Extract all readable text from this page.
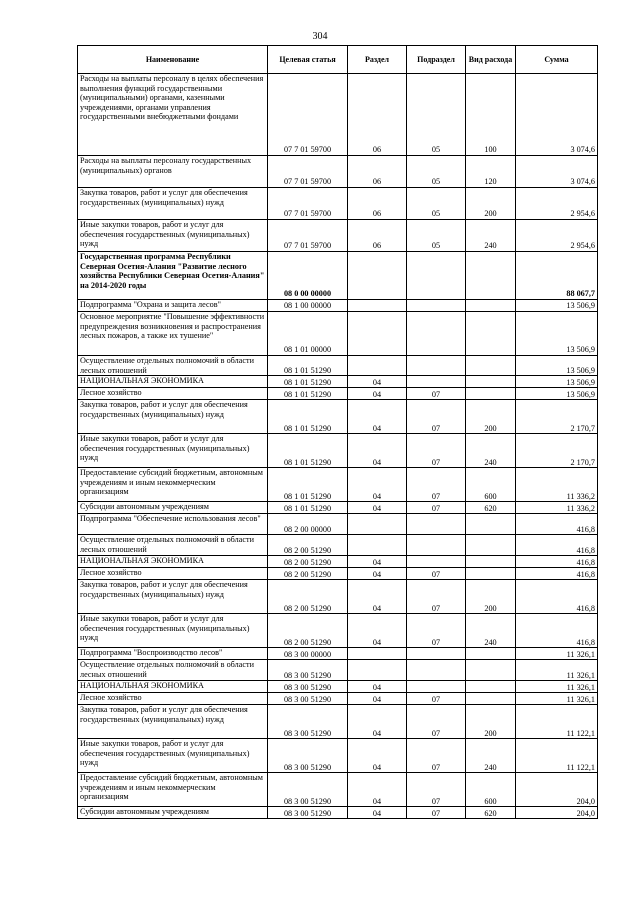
304
Наименование	Целевая статья	Раздел	Подраздел	Вид расхода	Сумма
Расходы на выплаты персоналу в целях обеспечения выполнения функций государственными (муниципальными) органами, казенными учреждениями, органами управления государственными внебюджетными фондами	07 7 01 59700	06	05	100	3 074,6
Расходы на выплаты персоналу государственных (муниципальных) органов	07 7 01 59700	06	05	120	3 074,6
Закупка товаров, работ и услуг для обеспечения государственных (муниципальных) нужд	07 7 01 59700	06	05	200	2 954,6
Иные закупки товаров, работ и услуг для обеспечения государственных (муниципальных) нужд	07 7 01 59700	06	05	240	2 954,6
Государственная программа Республики Северная Осетия-Алания "Развитие лесного хозяйства Республики Северная Осетия-Алания" на 2014-2020 годы	08 0 00 00000				88 067,7
Подпрограмма "Охрана и защита лесов"	08 1 00 00000				13 506,9
Основное мероприятие "Повышение эффективности предупреждения возникновения и распространения лесных пожаров, а также их тушение"	08 1 01 00000				13 506,9
Осуществление отдельных полномочий в области лесных отношений	08 1 01 51290				13 506,9
НАЦИОНАЛЬНАЯ ЭКОНОМИКА	08 1 01 51290	04			13 506,9
Лесное хозяйство	08 1 01 51290	04	07		13 506,9
Закупка товаров, работ и услуг для обеспечения государственных (муниципальных) нужд	08 1 01 51290	04	07	200	2 170,7
Иные закупки товаров, работ и услуг для обеспечения государственных (муниципальных) нужд	08 1 01 51290	04	07	240	2 170,7
Предоставление субсидий бюджетным, автономным учреждениям и иным некоммерческим организациям	08 1 01 51290	04	07	600	11 336,2
Субсидии автономным учреждениям	08 1 01 51290	04	07	620	11 336,2
Подпрограмма "Обеспечение использования лесов"	08 2 00 00000				416,8
Осуществление отдельных полномочий в области лесных отношений	08 2 00 51290				416,8
НАЦИОНАЛЬНАЯ ЭКОНОМИКА	08 2 00 51290	04			416,8
Лесное хозяйство	08 2 00 51290	04	07		416,8
Закупка товаров, работ и услуг для обеспечения государственных (муниципальных) нужд	08 2 00 51290	04	07	200	416,8
Иные закупки товаров, работ и услуг для обеспечения государственных (муниципальных) нужд	08 2 00 51290	04	07	240	416,8
Подпрограмма "Воспроизводство лесов"	08 3 00 00000				11 326,1
Осуществление отдельных полномочий в области лесных отношений	08 3 00 51290				11 326,1
НАЦИОНАЛЬНАЯ ЭКОНОМИКА	08 3 00 51290	04			11 326,1
Лесное хозяйство	08 3 00 51290	04	07		11 326,1
Закупка товаров, работ и услуг для обеспечения государственных (муниципальных) нужд	08 3 00 51290	04	07	200	11 122,1
Иные закупки товаров, работ и услуг для обеспечения государственных (муниципальных) нужд	08 3 00 51290	04	07	240	11 122,1
Предоставление субсидий бюджетным, автономным учреждениям и иным некоммерческим организациям	08 3 00 51290	04	07	600	204,0
Субсидии автономным учреждениям	08 3 00 51290	04	07	620	204,0
